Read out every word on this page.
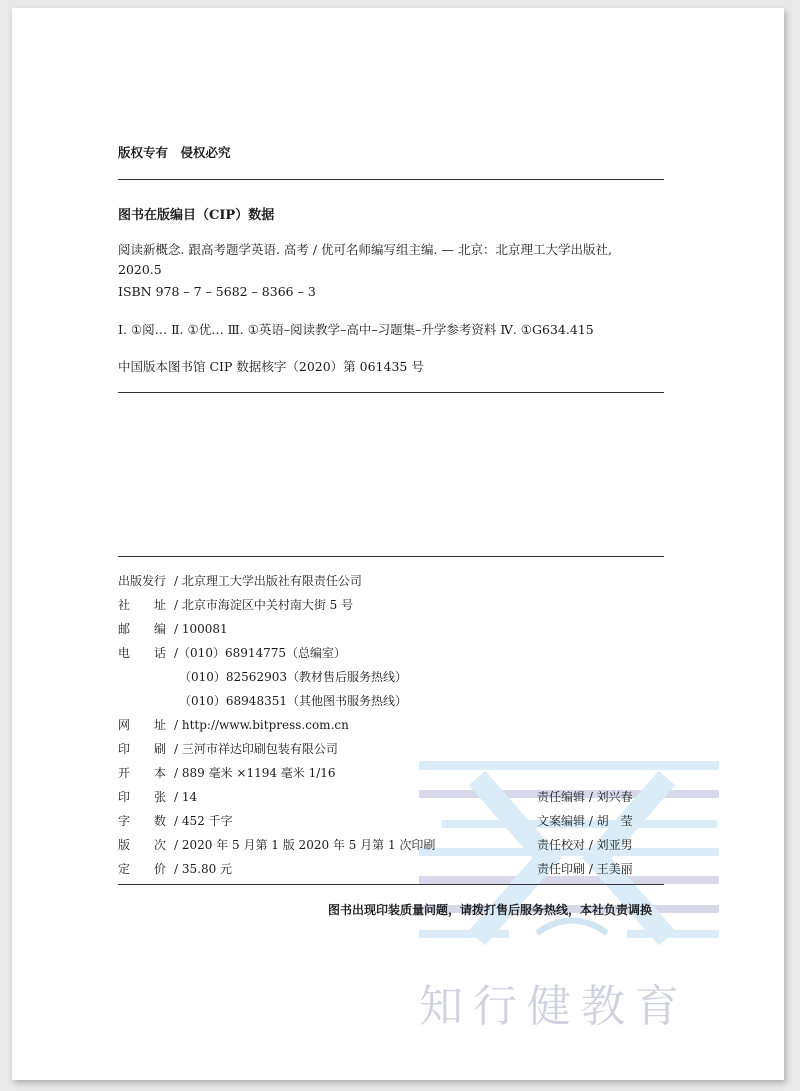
版权专有　侵权必究
图书在版编目（CIP）数据
阅读新概念. 跟高考题学英语. 高考 / 优可名师编写组主编. — 北京：北京理工大学出版社,
2020.5
ISBN 978 – 7 – 5682 – 8366 – 3
Ⅰ. ①阅… Ⅱ. ①优… Ⅲ. ①英语–阅读教学–高中–习题集–升学参考资料 Ⅳ. ①G634.415
中国版本图书馆 CIP 数据核字（2020）第 061435 号
知行健教育
出版发行 / 北京理工大学出版社有限责任公司
社　　址 / 北京市海淀区中关村南大街 5 号
邮　　编 / 100081
电　　话 /（010）68914775（总编室）
（010）82562903（教材售后服务热线）
（010）68948351（其他图书服务热线）
网　　址 / http://www.bitpress.com.cn
印　　刷 / 三河市祥达印刷包装有限公司
开　　本 / 889 毫米 ×1194 毫米 1/16
印　　张 / 14
字　　数 / 452 千字
版　　次 / 2020 年 5 月第 1 版 2020 年 5 月第 1 次印刷
定　　价 / 35.80 元
责任编辑 / 刘兴春
文案编辑 / 胡　莹
责任校对 / 刘亚男
责任印刷 / 王美丽
图书出现印装质量问题，请拨打售后服务热线，本社负责调换
